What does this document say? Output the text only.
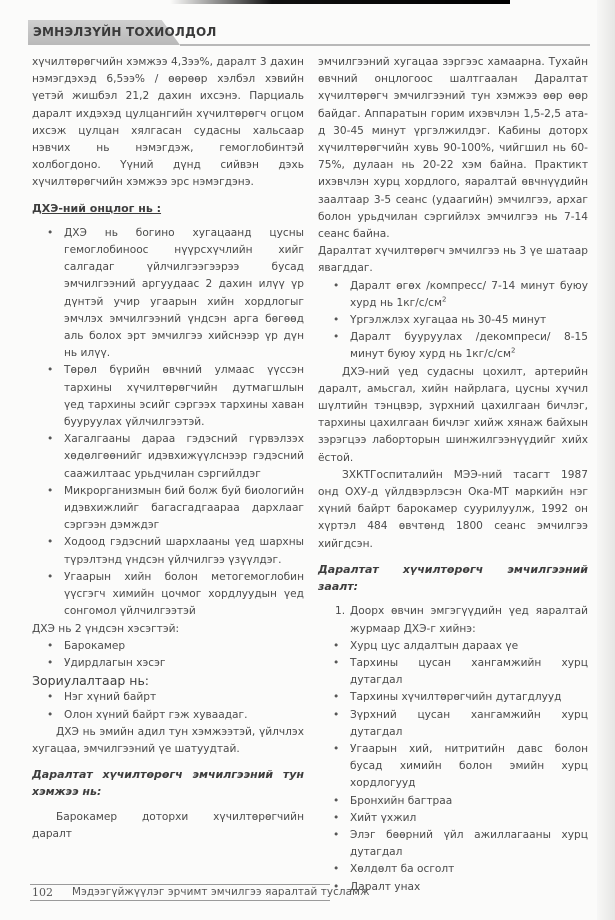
ЭМНЭЛЗҮЙН ТОХИОЛДОЛ

хүчилтөрөгчийн хэмжээ 4,3ээ%, даралт 3 дахин нэмэгдэхэд 6,5ээ% / өөрөөр хэлбэл хэвийн үетэй жишбэл 21,2 дахин ихсэнэ. Парциаль даралт ихдэхэд цулцангийн хүчилтөрөгч огцом ихсэж цулцан хялгасан судасны хальсаар нэвчих нь нэмэгдэж, гемоглобинтэй холбогдоно. Үүний дүнд сийвэн дэхь хүчилтөрөгчийн хэмжээ эрс нэмэгдэнэ.

ДХЭ-ний онцлог нь :

• ДХЭ нь богино хугацаанд цусны гемоглобиноос нүүрсхүчлийн хийг салгадаг үйлчилгээгээрээ бусад эмчилгээний аргуудаас 2 дахин илүү үр дүнтэй учир угаарын хийн хордлогыг эмчлэх эмчилгээний үндсэн арга бөгөөд аль болох эрт эмчилгээ хийснээр үр дүн нь илүү.
• Төрөл бүрийн өвчний улмаас үүссэн тархины хүчилтөрөгчийн дутмагшлын үед тархины эсийг сэргээх тархины хаван бууруулах үйлчилгээтэй.
• Хагалгааны дараа гэдэсний гүрвэлзэх хөдөлгөөнийг идэвхижүүлснээр гэдэсний саажилтаас урьдчилан сэргийлдэг
• Микрорганизмын бий болж буй биологийн идэвхижлийг багасгадгаараа дархлааг сэргээн дэмждэг
• Ходоод гэдэсний шархлааны үед шархны түрэлтэнд үндсэн үйлчилгээ үзүүлдэг.
• Угаарын хийн болон метогемоглобин үүсгэгч химийн цочмог хордлуудын үед сонгомол үйлчилгээтэй

ДХЭ нь 2 үндсэн хэсэгтэй:

• Барокамер
• Удирдлагын хэсэг

Зориулалтаар нь:

• Нэг хүний байрт
• Олон хүний байрт гэж хуваадаг.

ДХЭ нь эмийн адил тун хэмжээтэй, үйлчлэх хугацаа, эмчилгээний үе шатуудтай.

Даралтат хүчилтөрөгч эмчилгээний тун хэмжээ нь:

Барокамер доторхи хүчилтөрөгчийн даралт

эмчилгээний хугацаа зэргээс хамаарна. Тухайн өвчний онцлогоос шалтгаалан Даралтат хүчилтөрөгч эмчилгээний тун хэмжээ өөр өөр байдаг. Аппаратын горим ихэвчлэн 1,5-2,5 ата-д 30-45 минут үргэлжилдэг. Кабины доторх хүчилтөрөгчийн хувь 90-100%, чийгшил нь 60-75%, дулаан нь 20-22 хэм байна. Практикт ихэвчлэн хурц хордлого, яаралтай өвчнүүдийн заалтаар 3-5 сеанс (удаагийн) эмчилгээ, архаг болон урьдчилан сэргийлэх эмчилгээ нь 7-14 сеанс байна.

Даралтат хүчилтөрөгч эмчилгээ нь 3 үе шатаар явагддаг.

• Даралт өгөх /компресс/ 7-14 минут буюу хурд нь $1кг/с/см^2$
• Үргэлжлэх хугацаа нь 30-45 минут
• Даралт бууруулах /декомпреси/ 8-15 минут буюу хурд нь $1кг/с/см^2$

ДХЭ-ний үед судасны цохилт, артерийн даралт, амьсгал, хийн найрлага, цусны хүчил шүлтийн тэнцвэр, зүрхний цахилгаан бичлэг, тархины цахилгаан бичлэг хийж хянаж байхын зэрэгцээ лаборторын шинжилгээнүүдийг хийх ёстой.

ЗХКТГоспиталийн МЭЭ-ний тасагт 1987 онд ОХУ-д үйлдвэрлэсэн Ока-МТ маркийн нэг хүний байрт барокамер суурилуулж, 1992 он хүртэл 484 өвчтөнд 1800 сеанс эмчилгээ хийгдсэн.

Даралтат хүчилтөрөгч эмчилгээний заалт:

1. Доорх өвчин эмгэгүүдийн үед яаралтай журмаар ДХЭ-г хийнэ:
• Хурц цус алдалтын дараах үе
• Тархины цусан хангамжийн хурц дутагдал
• Тархины хүчилтөрөгчийн дутагдлууд
• Зүрхний цусан хангамжийн хурц дутагдал
• Угаарын хий, нитритийн давс болон бусад химийн болон эмийн хурц хордлогууд
• Бронхийн багтраа
• Хийт үхжил
• Элэг бөөрний үйл ажиллагааны хурц дутагдал
• Хөлдөлт ба осголт
• Даралт унах
102 Мэдээгүйжүүлэг эрчимт эмчилгээ яаралтай тусламж
